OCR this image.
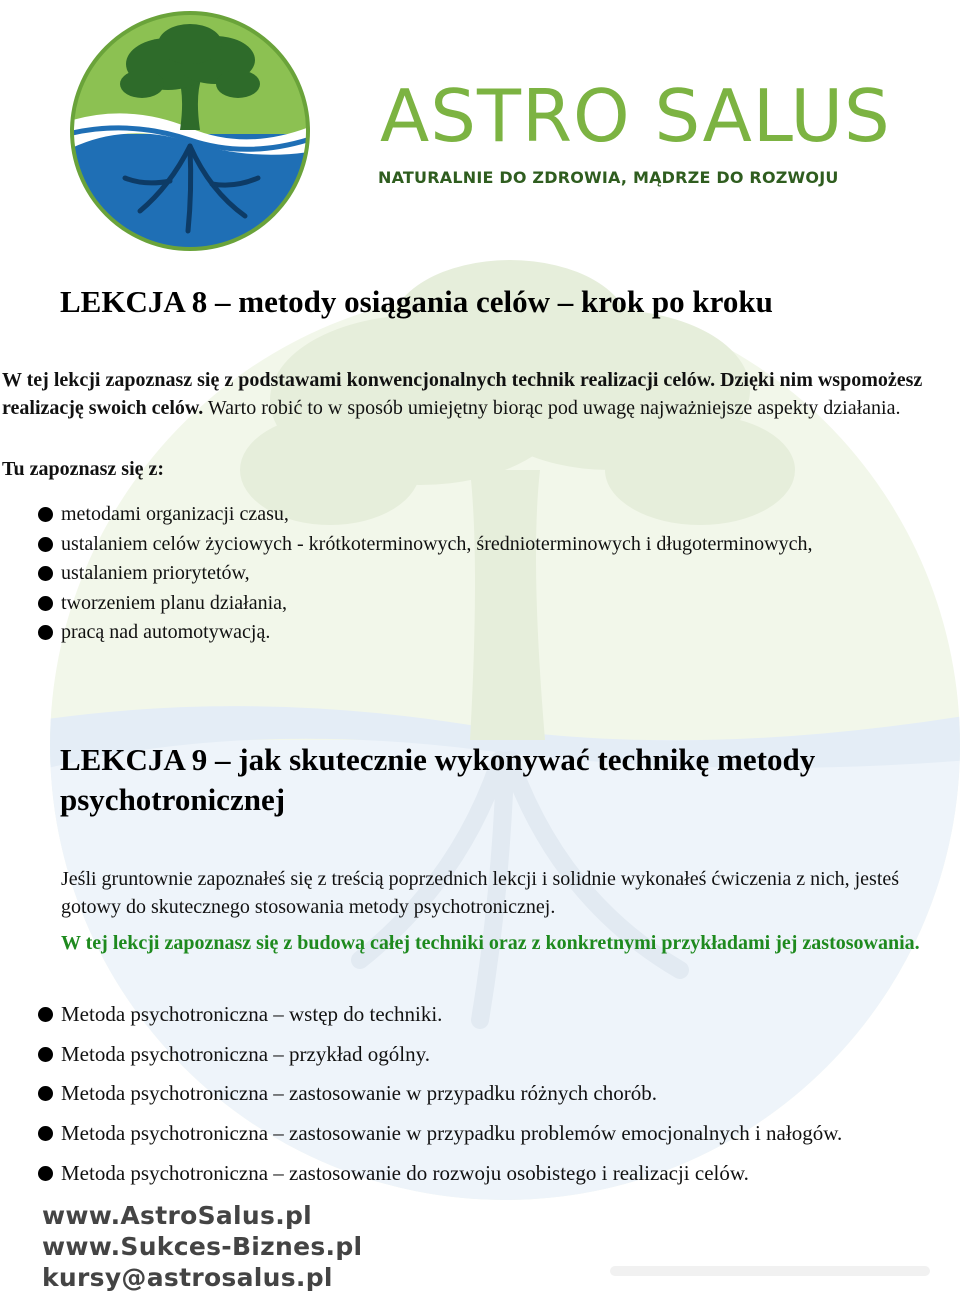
ASTRO SALUS

NATURALNIE DO ZDROWIA, MĄDRZE DO ROZWOJU

LEKCJA 8 – metody osiągania celów – krok po kroku

W tej lekcji zapoznasz się z podstawami konwencjonalnych technik realizacji celów. Dzięki nim wspomożesz realizację swoich celów. Warto robić to w sposób umiejętny biorąc pod uwagę najważniejsze aspekty działania.

Tu zapoznasz się z:

metodami organizacji czasu,
ustalaniem celów życiowych - krótkoterminowych, średnioterminowych i długoterminowych,
ustalaniem priorytetów,
tworzeniem planu działania,
pracą nad automotywacją.
LEKCJA 9 – jak skutecznie wykonywać technikę metody psychotronicznej

Jeśli gruntownie zapoznałeś się z treścią poprzednich lekcji i solidnie wykonałeś ćwiczenia z nich, jesteś gotowy do skutecznego stosowania metody psychotronicznej.

W tej lekcji zapoznasz się z budową całej techniki oraz z konkretnymi przykładami jej zastosowania.

Metoda psychotroniczna – wstęp do techniki.
Metoda psychotroniczna – przykład ogólny.
Metoda psychotroniczna – zastosowanie w przypadku różnych chorób.
Metoda psychotroniczna – zastosowanie w przypadku problemów emocjonalnych i nałogów.
Metoda psychotroniczna – zastosowanie do rozwoju osobistego i realizacji celów.
www.AstroSalus.pl
www.Sukces-Biznes.pl
kursy@astrosalus.pl
